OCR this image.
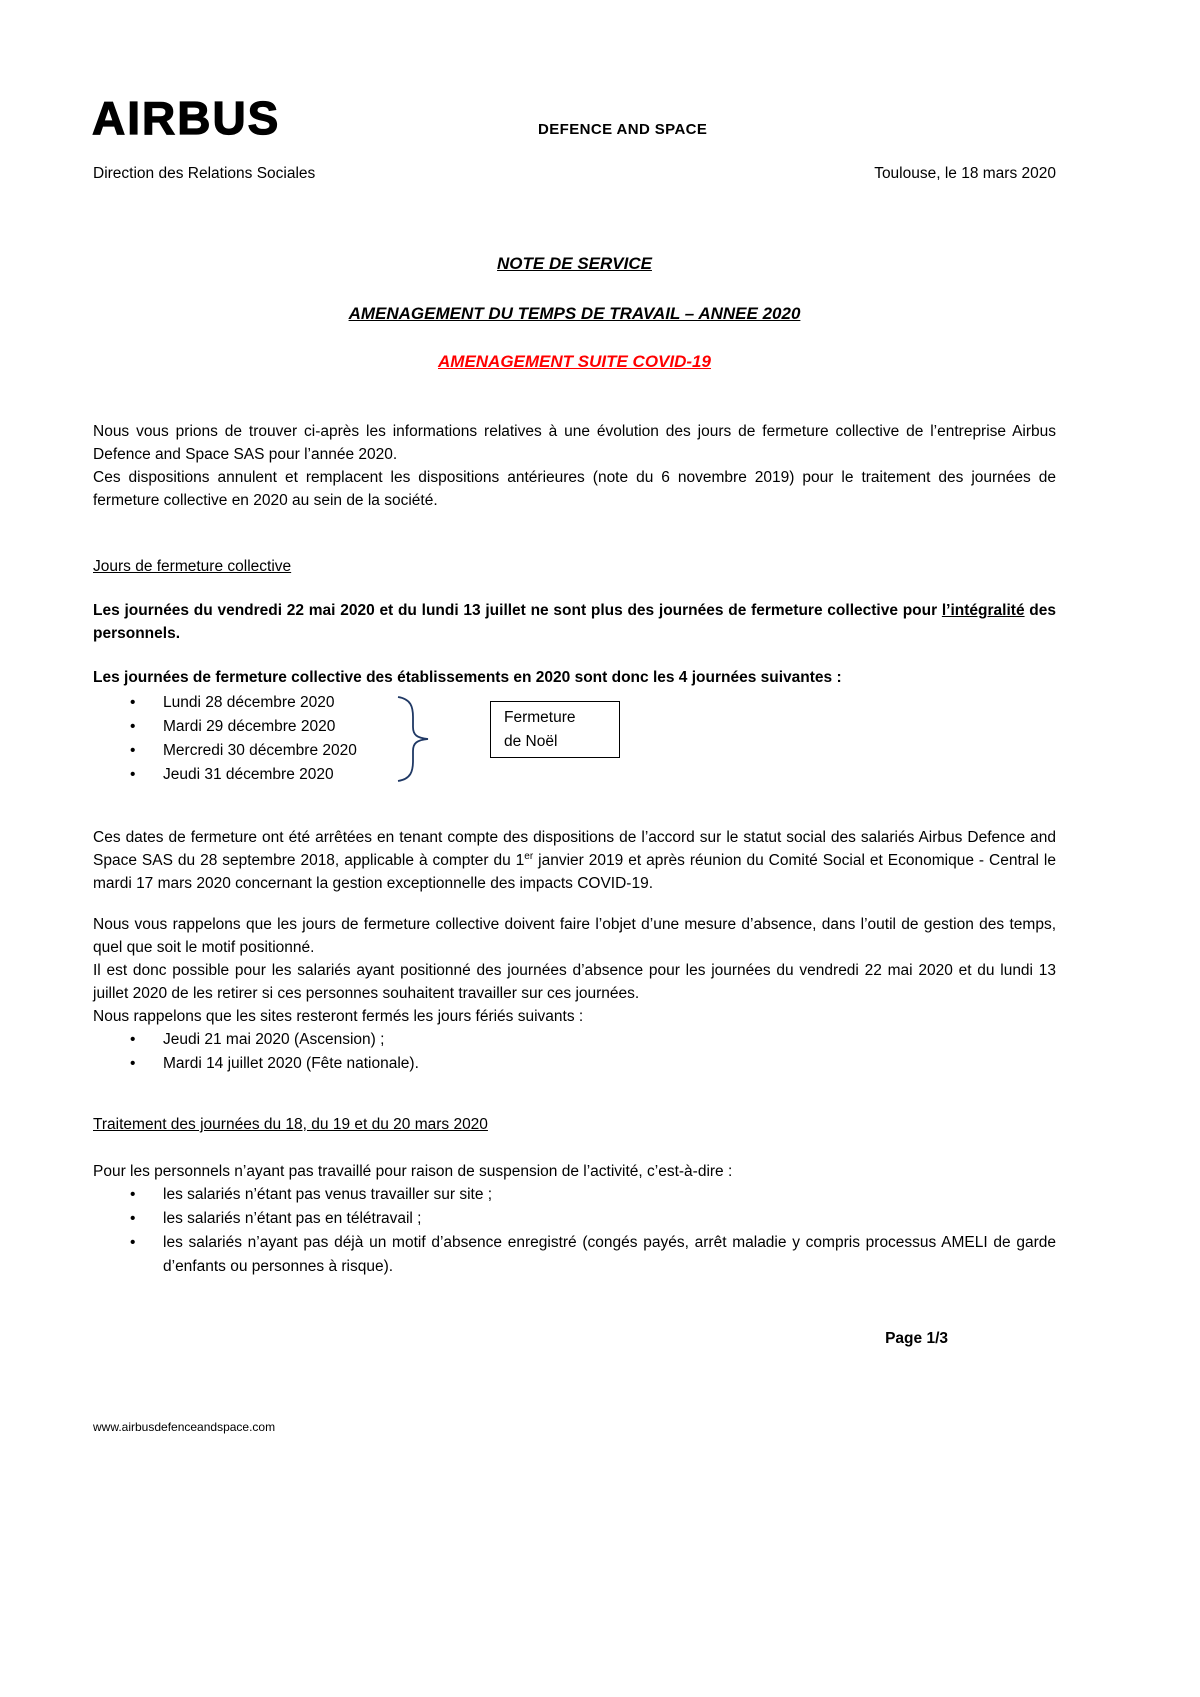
AIRBUS	DEFENCE AND SPACE
Direction des Relations Sociales	Toulouse, le 18 mars 2020
NOTE DE SERVICE
AMENAGEMENT DU TEMPS DE TRAVAIL – ANNEE 2020
AMENAGEMENT SUITE COVID-19

Nous vous prions de trouver ci-après les informations relatives à une évolution des jours de fermeture collective de l’entreprise Airbus Defence and Space SAS pour l’année 2020.

Ces dispositions annulent et remplacent les dispositions antérieures (note du 6 novembre 2019) pour le traitement des journées de fermeture collective en 2020 au sein de la société.

Jours de fermeture collective

Les journées du vendredi 22 mai 2020 et du lundi 13 juillet ne sont plus des journées de fermeture collective pour l’intégralité des personnels.

Les journées de fermeture collective des établissements en 2020 sont donc les 4 journées suivantes :

• Lundi 28 décembre 2020
• Mardi 29 décembre 2020
• Mercredi 30 décembre 2020
• Jeudi 31 décembre 2020
Fermeture
de Noël

Ces dates de fermeture ont été arrêtées en tenant compte des dispositions de l’accord sur le statut social des salariés Airbus Defence and Space SAS du 28 septembre 2018, applicable à compter du 1er janvier 2019 et après réunion du Comité Social et Economique - Central le mardi 17 mars 2020 concernant la gestion exceptionnelle des impacts COVID-19.

Nous vous rappelons que les jours de fermeture collective doivent faire l’objet d’une mesure d’absence, dans l’outil de gestion des temps, quel que soit le motif positionné.

Il est donc possible pour les salariés ayant positionné des journées d’absence pour les journées du vendredi 22 mai 2020 et du lundi 13 juillet 2020 de les retirer si ces personnes souhaitent travailler sur ces journées.

Nous rappelons que les sites resteront fermés les jours fériés suivants :

• Jeudi 21 mai 2020 (Ascension) ;
• Mardi 14 juillet 2020 (Fête nationale).
Traitement des journées du 18, du 19 et du 20 mars 2020

Pour les personnels n’ayant pas travaillé pour raison de suspension de l’activité, c’est-à-dire :

• les salariés n’étant pas venus travailler sur site ;
• les salariés n’étant pas en télétravail ;
• les salariés n’ayant pas déjà un motif d’absence enregistré (congés payés, arrêt maladie y compris processus AMELI de garde d’enfants ou personnes à risque).
Page 1/3
www.airbusdefenceandspace.com
